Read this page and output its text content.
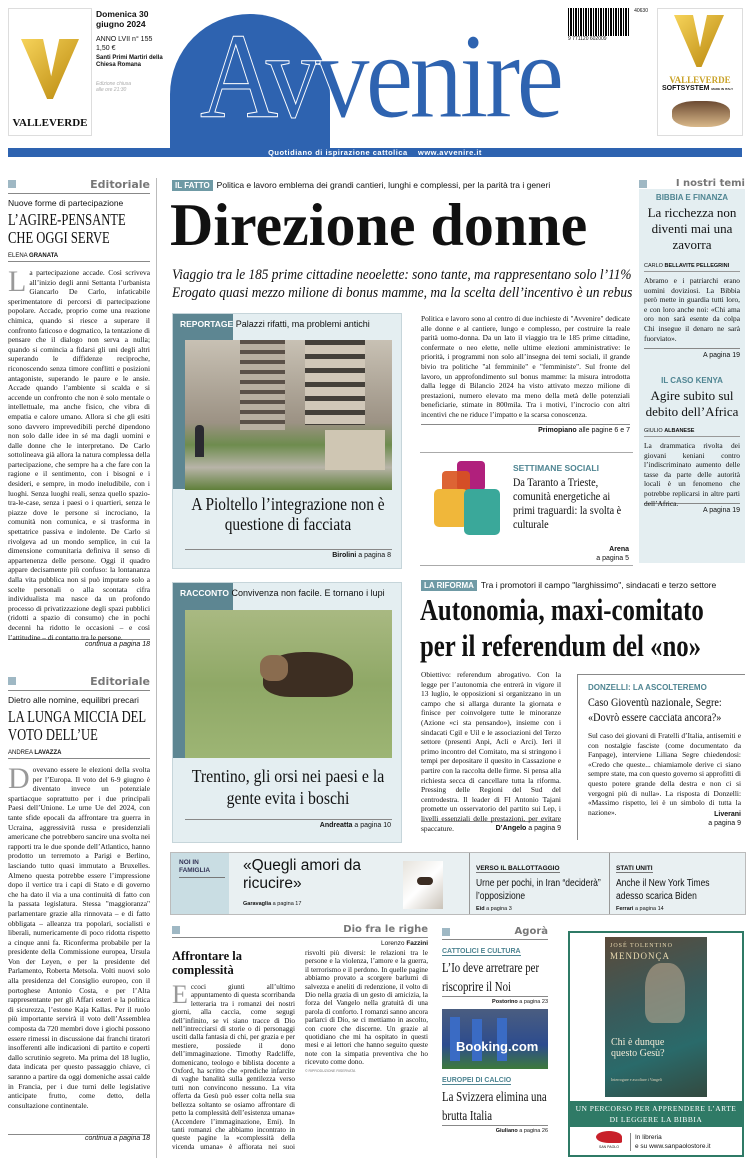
VALLEVERDE
Domenica 30 giugno 2024
ANNO LVII n° 155
1,50 €
Santi Primi Martiri della Chiesa Romana
Edizione chiusa alle ore 21:30 Avvenire 9 771120 602009
40630
VALLEVERDE
SOFTSYSTEM MADE IN ITALY
Quotidiano di ispirazione cattolica    www.avvenire.it
Editoriale
Nuove forme di partecipazione
L’AGIRE-PENSANTE CHE OGGI SERVE
ELENA GRANATA
La partecipazione accade. Così scriveva all’inizio degli anni Settanta l’urbanista Giancarlo De Carlo, infaticabile sperimentatore di percorsi di partecipazione popolare. Accade, proprio come una reazione chimica, quando si riesce a superare il confronto faticoso e dogmatico, la tentazione di pensare che il dialogo non serva a nulla; quando si comincia a fidarsi gli uni degli altri superando le diffidenze reciproche, riconoscendo senza timore conflitti e posizioni antagoniste, superando le paure e le ansie. Accade quando l’ambiente si scalda e si accende un confronto che non è solo mentale o intellettuale, ma anche fisico, che vibra di empatia e calore umano. Allora sì che gli esiti sono davvero imprevedibili perché dipendono non solo dalle idee in sé ma dagli uomini e dalle donne che le interpretano. De Carlo sottolineava già allora la natura complessa della partecipazione, che sempre ha a che fare con la ragione e il sentimento, con i bisogni e i desideri, e sempre, in modo ineludibile, con i luoghi. Senza luoghi reali, senza quello spazio-tra-le-case, senza i paesi o i quartieri, senza le piazze dove le persone si incrociano, la comunità non comunica, e si trasforma in spettatrice passiva e indolente. De Carlo si rivolgeva ad un mondo semplice, in cui la dimensione comunitaria definiva il senso di appartenenza delle persone. Oggi il quadro appare decisamente più confuso: la lontananza dalla vita pubblica non si può imputare solo a scelte personali o alla scontata cifra individualista ma nasce da un profondo processo di privatizzazione degli spazi pubblici (ridotti a spazio di consumo) che in pochi decenni ha ridotto le occasioni – e così l’attitudine – di contatto tra le persone.
continua a pagina 18
Editoriale
Dietro alle nomine, equilibri precari
LA LUNGA MICCIA DEL VOTO DELL’UE
ANDREA LAVAZZA
Dovevano essere le elezioni della svolta per l’Europa. Il voto del 6-9 giugno è diventato invece un potenziale spartiacque soprattutto per i due principali Paesi dell’Unione. Le urne Ue del 2024, con tante sfide epocali da affrontare tra guerra in Ucraina, aggressività russa e presidenziali americane che potrebbero sancire una svolta nei rapporti tra le due sponde dell’Atlantico, hanno prodotto un terremoto a Parigi e Berlino, lasciando tutto quasi immutato a Bruxelles. Almeno questa potrebbe essere l’impressione dopo il vertice tra i capi di Stato e di governo che ha dato il via a una continuità di fatto con la passata legislatura. Stessa "maggioranza" parlamentare grazie alla rinnovata – e di fatto obbligata – alleanza tra popolari, socialisti e liberali, numericamente di poco ridotta rispetto a cinque anni fa. Riconferma probabile per la presidente della Commissione europea, Ursula Von der Leyen, e per la presidente del Parlamento, Roberta Metsola. Volti nuovi solo alla presidenza del Consiglio europeo, con il portoghese Antonio Costa, e per l’Alta rappresentante per gli Affari esteri e la politica di sicurezza, l’estone Kaja Kallas. Per il ruolo più importante servirà il voto dell’Assemblea composta da 720 membri dove i giochi possono essere rimessi in discussione dai franchi tiratori insofferenti alle indicazioni di partito e coperti dallo scrutinio segreto. Ma prima del 18 luglio, data indicata per questo passaggio chiave, ci saranno a partire da oggi domeniche assai calde in Francia, per i due turni delle legislative anticipate frutto, come detto, della consultazione continentale.
continua a pagina 18
IL FATTO Politica e lavoro emblema dei grandi cantieri, lunghi e complessi, per la parità tra i generi
Direzione donne
Viaggio tra le 185 prime cittadine neoelette: sono tante, ma rappresentano solo l’11%
Erogato quasi mezzo milione di bonus mamme, ma la scelta dell’incentivo è un rebus
Politica e lavoro sono al centro di due inchieste di "Avvenire" dedicate alle donne e al cantiere, lungo e complesso, per costruire la reale parità uomo-donna. Da un lato il viaggio tra le 185 prime cittadine, confermate o neo elette, nelle ultime elezioni amministrative: le priorità, i programmi non solo all’insegna dei temi sociali, il grande bivio tra politiche "al femminile" e "femministe". Sul fronte del lavoro, un approfondimento sul bonus mamme: la misura introdotta dalla legge di Bilancio 2024 ha visto attivato mezzo milione di prestazioni, numero elevato ma meno della metà delle potenziali beneficiarie, stimate in 800mila. Tra i motivi, l’incrocio con altri incentivi che ne riduce l’impatto e la scarsa conoscenza.
Primopiano alle pagine 6 e 7
REPORTAGE Palazzi rifatti, ma problemi antichi
A Pioltello l’integrazione non è questione di facciata
Birolini a pagina 8
SETTIMANE SOCIALI
Da Taranto a Trieste, comunità energetiche ai primi traguardi: la svolta è culturale
Arena
a pagina 5
I nostri temi
BIBBIA E FINANZA
La ricchezza non diventi mai una zavorra
CARLO BELLAVITE PELLEGRINI
Abramo e i patriarchi erano uomini doviziosi. La Bibbia però mette in guardia tutti loro, e con loro anche noi: «Chi ama oro non sarà esente da colpa Chi insegue il denaro ne sarà fuorviato».
A pagina 19
IL CASO KENYA
Agire subito sul debito dell’Africa
GIULIO ALBANESE
La drammatica rivolta dei giovani keniani contro l’indiscriminato aumento delle tasse da parte delle autorità locali è un fenomeno che potrebbe replicarsi in altre parti dell’Africa.
A pagina 19
RACCONTO Convivenza non facile. E tornano i lupi
Trentino, gli orsi nei paesi e la gente evita i boschi
Andreatta a pagina 10
LA RIFORMA Tra i promotori il campo "larghissimo", sindacati e terzo settore
Autonomia, maxi-comitato per il referendum del «no»
Obiettivo: referendum abrogativo. Con la legge per l’autonomia che entrerà in vigore il 13 luglio, le opposizioni si organizzano in un campo che si allarga durante la giornata e finisce per coinvolgere tutte le minoranze (Azione «ci sta pensando»), insieme con i sindacati Cgil e Uil e le associazioni del Terzo settore (presenti Anpi, Acli e Arci). Ieri il primo incontro del Comitato, ma si stringono i tempi per depositare il quesito in Cassazione e partire con la raccolta delle firme. Si pensa alla richiesta secca di cancellare tutta la riforma. Pressing delle Regioni del Sud del centrodestra. Il leader di FI Antonio Tajani promette un osservatorio del partito sui Lep, i livelli essenziali delle prestazioni, per evitare spaccature.	D’Angelo a pagina 9
DONZELLI: LA ASCOLTEREMO
Caso Gioventù nazionale, Segre: «Dovrò essere cacciata ancora?»
Sul caso dei giovani di Fratelli d’Italia, antisemiti e con nostalgie fasciste (come documentato da Fanpage), interviene Liliana Segre chiedendosi: «Credo che queste... chiamiamole derive ci siano sempre state, ma con questo governo si approfitti di questo potere grande della destra e non ci si vergogni più di nulla». La risposta di Donzelli: «Massimo rispetto, lei è un simbolo di tutta la nazione».	Liverani
a pagina 9
NOI IN FAMIGLIA	«Quegli amori da ricucire»
Garavaglia a pagina 17
VERSO IL BALLOTTAGGIO
Urne per pochi, in Iran “deciderà” l’opposizione
Eid a pagina 3
STATI UNITI
Anche il New York Times adesso scarica Biden
Ferrari a pagina 14
Dio fra le righe
Lorenzo Fazzini
Affrontare la complessità
Eccoci giunti all’ultimo appuntamento di questa scorribanda letteraria tra i romanzi dei nostri giorni, alla caccia, come segugi dell’infinito, se vi siano tracce di Dio nell’intrecciarsi di storie o di personaggi usciti dalla fantasia di chi, per grazia e per mestiere, possiede il dono dell’immaginazione. Timothy Radcliffe, domenicano, teologo e biblista docente a Oxford, ha scritto che «prediche infarcite di vaghe banalità sulla gentilezza verso tutti non convincono nessuno. La vita offerta da Gesù può esser colta nella sua bellezza soltanto se osiamo affrontare di petto la complessità dell’esistenza umana» (Accendere l’immaginazione, Emi). In tanti romanzi che abbiamo incontrato in queste pagine la «complessità della vicenda umana» è affiorata nei suoi risvolti più diversi: le relazioni tra le persone e la violenza, l’amore e la guerra, il terrorismo e il perdono. In quelle pagine abbiamo provato a scorgere barlumi di salvezza e aneliti di redenzione, il volto di Dio nella grazia di un gesto di amicizia, la forza del Vangelo nella gratuità di una parola di conforto. I romanzi sanno ancora parlarci di Dio, se ci mettiamo in ascolto, con cuore che discerne. Un grazie al quotidiano che mi ha ospitato in questi mesi e ai lettori che hanno seguito queste note con la simpatia preventiva che ho ricevuto come dono.
© RIPRODUZIONE RISERVATA
Agorà
CATTOLICI E CULTURA
L’Io deve arretrare per riscoprire il Noi
Postorino a pagina 23
Booking.com
EUROPEI DI CALCIO
La Svizzera elimina una brutta Italia
Giuliano a pagina 26
JOSÉ TOLENTINO
MENDONÇA
Chi è dunque questo Gesù?
Interrogare e ascoltare i Vangeli
UN PERCORSO PER APPRENDERE L’ARTE DI LEGGERE LA BIBBIA
SAN PAOLO
In libreria
e su www.sanpaolostore.it
